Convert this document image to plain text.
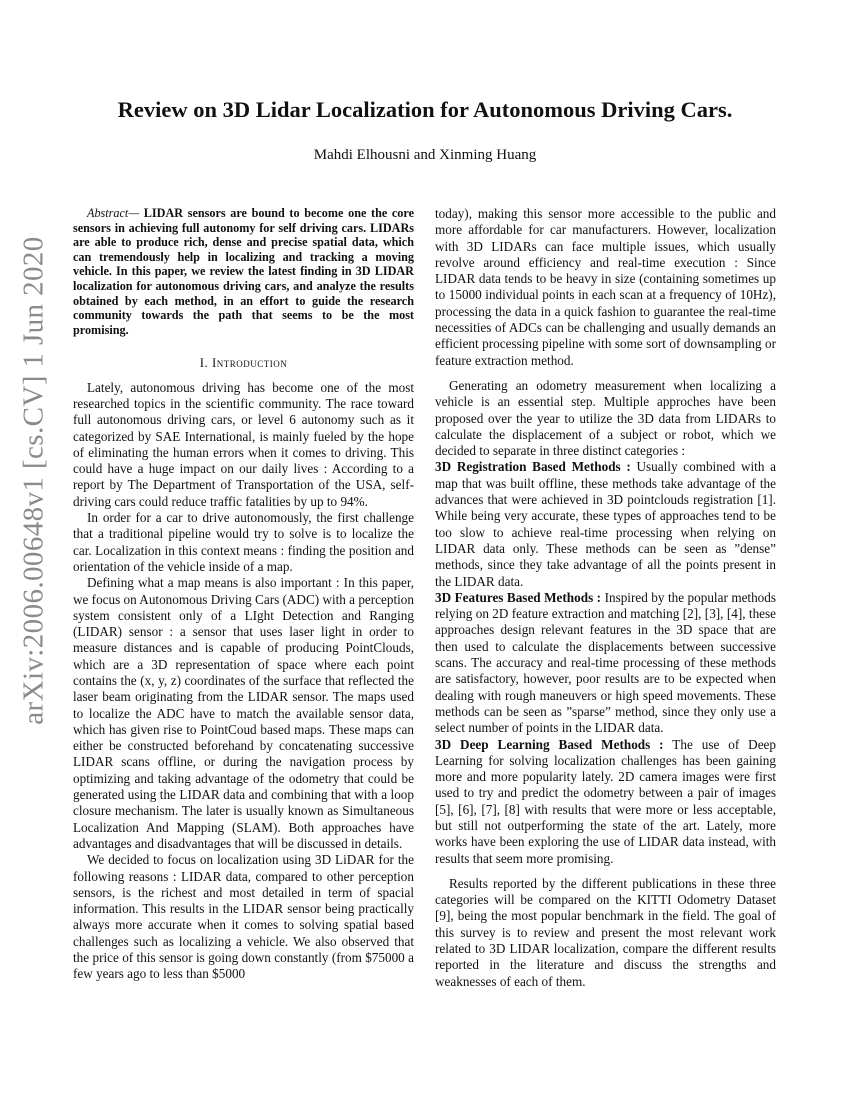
arXiv:2006.00648v1 [cs.CV] 1 Jun 2020
Review on 3D Lidar Localization for Autonomous Driving Cars.
Mahdi Elhousni and Xinming Huang

Abstract— LIDAR sensors are bound to become one the core sensors in achieving full autonomy for self driving cars. LIDARs are able to produce rich, dense and precise spatial data, which can tremendously help in localizing and tracking a moving vehicle. In this paper, we review the latest finding in 3D LIDAR localization for autonomous driving cars, and analyze the results obtained by each method, in an effort to guide the research community towards the path that seems to be the most promising.

I. Introduction

Lately, autonomous driving has become one of the most researched topics in the scientific community. The race toward full autonomous driving cars, or level 6 autonomy such as it categorized by SAE International, is mainly fueled by the hope of eliminating the human errors when it comes to driving. This could have a huge impact on our daily lives : According to a report by The Department of Transportation of the USA, self-driving cars could reduce traffic fatalities by up to 94%.

In order for a car to drive autonomously, the first challenge that a traditional pipeline would try to solve is to localize the car. Localization in this context means : finding the position and orientation of the vehicle inside of a map.

Defining what a map means is also important : In this paper, we focus on Autonomous Driving Cars (ADC) with a perception system consistent only of a LIght Detection and Ranging (LIDAR) sensor : a sensor that uses laser light in order to measure distances and is capable of producing PointClouds, which are a 3D representation of space where each point contains the (x, y, z) coordinates of the surface that reflected the laser beam originating from the LIDAR sensor. The maps used to localize the ADC have to match the available sensor data, which has given rise to PointCoud based maps. These maps can either be constructed beforehand by concatenating successive LIDAR scans offline, or during the navigation process by optimizing and taking advantage of the odometry that could be generated using the LIDAR data and combining that with a loop closure mechanism. The later is usually known as Simultaneous Localization And Mapping (SLAM). Both approaches have advantages and disadvantages that will be discussed in details.

We decided to focus on localization using 3D LiDAR for the following reasons : LIDAR data, compared to other perception sensors, is the richest and most detailed in term of spacial information. This results in the LIDAR sensor being practically always more accurate when it comes to solving spatial based challenges such as localizing a vehicle. We also observed that the price of this sensor is going down constantly (from $75000 a few years ago to less than $5000

today), making this sensor more accessible to the public and more affordable for car manufacturers. However, localization with 3D LIDARs can face multiple issues, which usually revolve around efficiency and real-time execution : Since LIDAR data tends to be heavy in size (containing sometimes up to 15000 individual points in each scan at a frequency of 10Hz), processing the data in a quick fashion to guarantee the real-time necessities of ADCs can be challenging and usually demands an efficient processing pipeline with some sort of downsampling or feature extraction method.

Generating an odometry measurement when localizing a vehicle is an essential step. Multiple approches have been proposed over the year to utilize the 3D data from LIDARs to calculate the displacement of a subject or robot, which we decided to separate in three distinct categories :

3D Registration Based Methods : Usually combined with a map that was built offline, these methods take advantage of the advances that were achieved in 3D pointclouds registration [1]. While being very accurate, these types of approaches tend to be too slow to achieve real-time processing when relying on LIDAR data only. These methods can be seen as ”dense” methods, since they take advantage of all the points present in the LIDAR data.

3D Features Based Methods : Inspired by the popular methods relying on 2D feature extraction and matching [2], [3], [4], these approaches design relevant features in the 3D space that are then used to calculate the displacements between successive scans. The accuracy and real-time processing of these methods are satisfactory, however, poor results are to be expected when dealing with rough maneuvers or high speed movements. These methods can be seen as ”sparse” method, since they only use a select number of points in the LIDAR data.

3D Deep Learning Based Methods : The use of Deep Learning for solving localization challenges has been gaining more and more popularity lately. 2D camera images were first used to try and predict the odometry between a pair of images [5], [6], [7], [8] with results that were more or less acceptable, but still not outperforming the state of the art. Lately, more works have been exploring the use of LIDAR data instead, with results that seem more promising.

Results reported by the different publications in these three categories will be compared on the KITTI Odometry Dataset [9], being the most popular benchmark in the field. The goal of this survey is to review and present the most relevant work related to 3D LIDAR localization, compare the different results reported in the literature and discuss the strengths and weaknesses of each of them.
